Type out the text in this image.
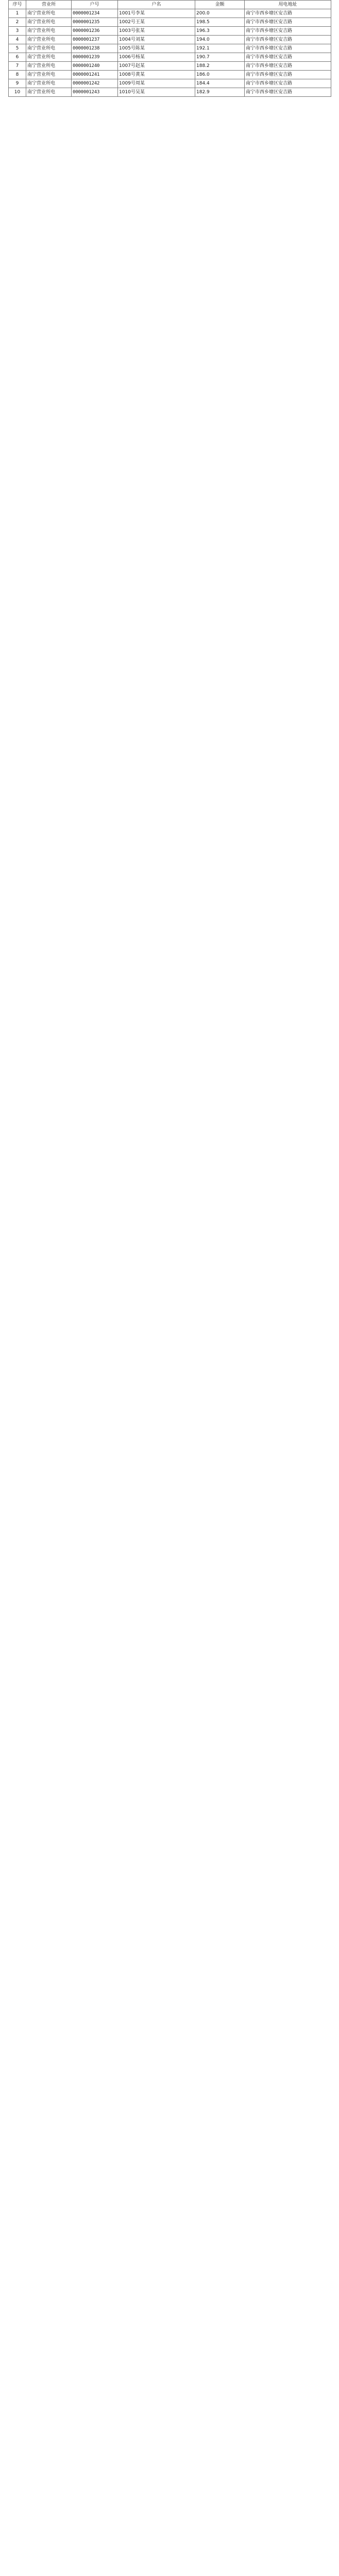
序号	营业所	户号	户名	金额	用电地址
1	南宁营业所电	0000001234	1001号李某	200.0	南宁市西乡塘区安吉路
2	南宁营业所电	0000001235	1002号王某	198.5	南宁市西乡塘区安吉路
3	南宁营业所电	0000001236	1003号张某	196.3	南宁市西乡塘区安吉路
4	南宁营业所电	0000001237	1004号刘某	194.0	南宁市西乡塘区安吉路
5	南宁营业所电	0000001238	1005号陈某	192.1	南宁市西乡塘区安吉路
6	南宁营业所电	0000001239	1006号杨某	190.7	南宁市西乡塘区安吉路
7	南宁营业所电	0000001240	1007号赵某	188.2	南宁市西乡塘区安吉路
8	南宁营业所电	0000001241	1008号黄某	186.0	南宁市西乡塘区安吉路
9	南宁营业所电	0000001242	1009号周某	184.4	南宁市西乡塘区安吉路
10	南宁营业所电	0000001243	1010号吴某	182.9	南宁市西乡塘区安吉路
